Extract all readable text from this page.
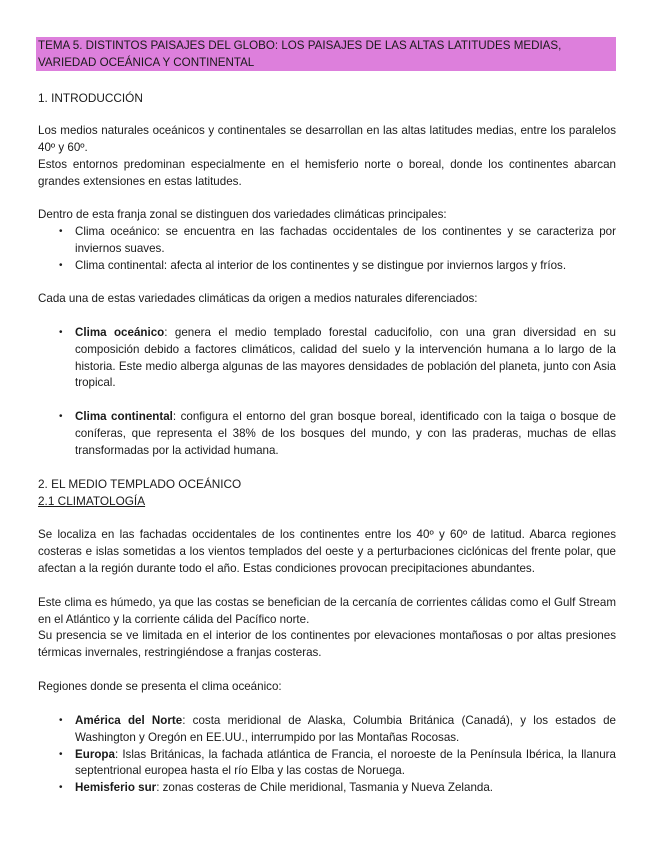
TEMA 5. DISTINTOS PAISAJES DEL GLOBO: LOS PAISAJES DE LAS ALTAS LATITUDES MEDIAS, VARIEDAD OCEÁNICA Y CONTINENTAL
1. INTRODUCCIÓN
Los medios naturales oceánicos y continentales se desarrollan en las altas latitudes medias, entre los paralelos 40º y 60º.
Estos entornos predominan especialmente en el hemisferio norte o boreal, donde los continentes abarcan grandes extensiones en estas latitudes.
Dentro de esta franja zonal se distinguen dos variedades climáticas principales:
• Clima oceánico: se encuentra en las fachadas occidentales de los continentes y se caracteriza por inviernos suaves.
• Clima continental: afecta al interior de los continentes y se distingue por inviernos largos y fríos.
Cada una de estas variedades climáticas da origen a medios naturales diferenciados:
• Clima oceánico: genera el medio templado forestal caducifolio, con una gran diversidad en su composición debido a factores climáticos, calidad del suelo y la intervención humana a lo largo de la historia. Este medio alberga algunas de las mayores densidades de población del planeta, junto con Asia tropical.
• Clima continental: configura el entorno del gran bosque boreal, identificado con la taiga o bosque de coníferas, que representa el 38% de los bosques del mundo, y con las praderas, muchas de ellas transformadas por la actividad humana.
2. EL MEDIO TEMPLADO OCEÁNICO
2.1 CLIMATOLOGÍA
Se localiza en las fachadas occidentales de los continentes entre los 40º y 60º de latitud. Abarca regiones costeras e islas sometidas a los vientos templados del oeste y a perturbaciones ciclónicas del frente polar, que afectan a la región durante todo el año. Estas condiciones provocan precipitaciones abundantes.
Este clima es húmedo, ya que las costas se benefician de la cercanía de corrientes cálidas como el Gulf Stream en el Atlántico y la corriente cálida del Pacífico norte.
Su presencia se ve limitada en el interior de los continentes por elevaciones montañosas o por altas presiones térmicas invernales, restringiéndose a franjas costeras.
Regiones donde se presenta el clima oceánico:
• América del Norte: costa meridional de Alaska, Columbia Británica (Canadá), y los estados de Washington y Oregón en EE.UU., interrumpido por las Montañas Rocosas.
• Europa: Islas Británicas, la fachada atlántica de Francia, el noroeste de la Península Ibérica, la llanura septentrional europea hasta el río Elba y las costas de Noruega.
• Hemisferio sur: zonas costeras de Chile meridional, Tasmania y Nueva Zelanda.
